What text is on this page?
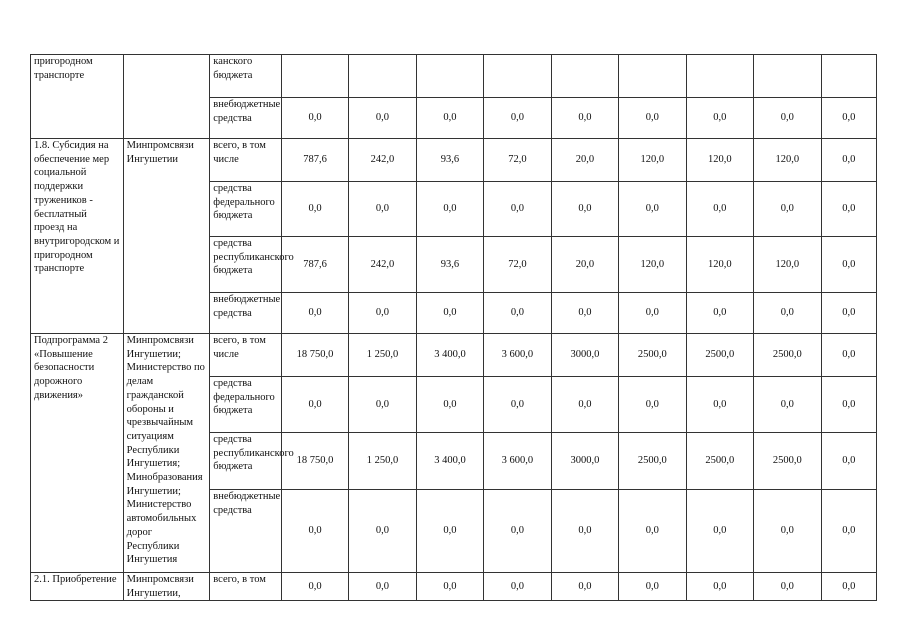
пригородном транспорте		канского бюджета									
		внебюджетные средства	0,0	0,0	0,0	0,0	0,0	0,0	0,0	0,0	0,0
1.8. Субсидия на обеспечение мер социальной поддержки тружеников - бесплатный проезд на внутригородском и пригородном транспорте	Минпромсвязи Ингушетии	всего, в том числе	787,6	242,0	93,6	72,0	20,0	120,0	120,0	120,0	0,0
		средства федерального бюджета	0,0	0,0	0,0	0,0	0,0	0,0	0,0	0,0	0,0
		средства республиканского бюджета	787,6	242,0	93,6	72,0	20,0	120,0	120,0	120,0	0,0
		внебюджетные средства	0,0	0,0	0,0	0,0	0,0	0,0	0,0	0,0	0,0
Подпрограмма 2 «Повышение безопасности дорожного движения»	Минпромсвязи Ингушетии; Министерство по делам гражданской обороны и чрезвычайным ситуациям Республики Ингушетия; Минобразования Ингушетии; Министерство автомобильных дорог Республики Ингушетия	всего, в том числе	18 750,0	1 250,0	3 400,0	3 600,0	3000,0	2500,0	2500,0	2500,0	0,0
		средства федерального бюджета	0,0	0,0	0,0	0,0	0,0	0,0	0,0	0,0	0,0
		средства республиканского бюджета	18 750,0	1 250,0	3 400,0	3 600,0	3000,0	2500,0	2500,0	2500,0	0,0
		внебюджетные средства	0,0	0,0	0,0	0,0	0,0	0,0	0,0	0,0	0,0
2.1. Приобретение	Минпромсвязи Ингушетии,	всего, в том	0,0	0,0	0,0	0,0	0,0	0,0	0,0	0,0	0,0
